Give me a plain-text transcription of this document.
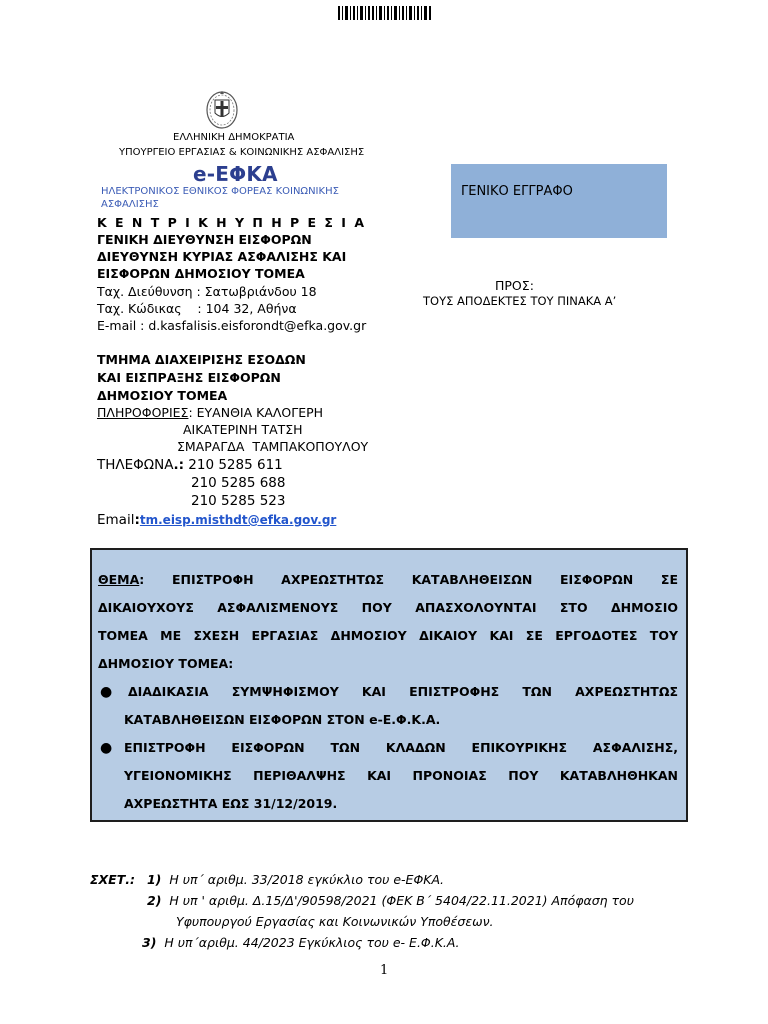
ΕΛΛΗΝΙΚΗ ΔΗΜΟΚΡΑΤΙΑ
ΥΠΟΥΡΓΕΙΟ ΕΡΓΑΣΙΑΣ & ΚΟΙΝΩΝΙΚΗΣ ΑΣΦΑΛΙΣΗΣ
e-ΕΦΚΑ
ΗΛΕΚΤΡΟΝΙΚΟΣ ΕΘΝΙΚΟΣ ΦΟΡΕΑΣ ΚΟΙΝΩΝΙΚΗΣ ΑΣΦΑΛΙΣΗΣ
ΓΕΝΙΚΟ ΕΓΓΡΑΦΟ
Κ Ε Ν Τ Ρ Ι Κ Η Υ Π Η Ρ Ε Σ Ι Α
ΓΕΝΙΚΗ ΔΙΕΥΘΥΝΣΗ ΕΙΣΦΟΡΩΝ
ΔΙΕΥΘΥΝΣΗ ΚΥΡΙΑΣ ΑΣΦΑΛΙΣΗΣ ΚΑΙ
ΕΙΣΦΟΡΩΝ ΔΗΜΟΣΙΟΥ ΤΟΜΕΑ
Ταχ. Διεύθυνση : Σατωβριάνδου 18
Ταχ. Κώδικας    : 104 32, Αθήνα
E-mail : d.kasfalisis.eisforondt@efka.gov.gr
ΠΡΟΣ:
ΤΟΥΣ ΑΠΟΔΕΚΤΕΣ ΤΟΥ ΠΙΝΑΚΑ Α’
ΤΜΗΜΑ ΔΙΑΧΕΙΡΙΣΗΣ ΕΣΟΔΩΝ
ΚΑΙ ΕΙΣΠΡΑΞΗΣ ΕΙΣΦΟΡΩΝ
ΔΗΜΟΣΙΟΥ ΤΟΜΕΑ
ΠΛΗΡΟΦΟΡΙΕΣ: ΕΥΑΝΘΙΑ ΚΑΛΟΓΕΡΗ
ΑΙΚΑΤΕΡΙΝΗ ΤΑΤΣΗ
ΣΜΑΡΑΓΔΑ  ΤΑΜΠΑΚΟΠΟΥΛΟΥ
ΤΗΛΕΦΩΝΑ.: 210 5285 611
210 5285 688
210 5285 523
Email:tm.eisp.misthdt@efka.gov.gr
ΘΕΜΑ: ΕΠΙΣΤΡΟΦΗ ΑΧΡΕΩΣΤΗΤΩΣ ΚΑΤΑΒΛΗΘΕΙΣΩΝ ΕΙΣΦΟΡΩΝ ΣΕ
ΔΙΚΑΙΟΥΧΟΥΣ ΑΣΦΑΛΙΣΜΕΝΟΥΣ ΠΟΥ ΑΠΑΣΧΟΛΟΥΝΤΑΙ ΣΤΟ ΔΗΜΟΣΙΟ
ΤΟΜΕΑ ΜΕ ΣΧΕΣΗ ΕΡΓΑΣΙΑΣ ΔΗΜΟΣΙΟΥ ΔΙΚΑΙΟΥ ΚΑΙ ΣΕ ΕΡΓΟΔΟΤΕΣ ΤΟΥ
ΔΗΜΟΣΙΟΥ ΤΟΜΕΑ:
● ΔΙΑΔΙΚΑΣΙΑ ΣΥΜΨΗΦΙΣΜΟΥ ΚΑΙ ΕΠΙΣΤΡΟΦΗΣ ΤΩΝ ΑΧΡΕΩΣΤΗΤΩΣ
ΚΑΤΑΒΛΗΘΕΙΣΩΝ ΕΙΣΦΟΡΩΝ ΣΤΟΝ e-Ε.Φ.Κ.Α.
● ΕΠΙΣΤΡΟΦΗ ΕΙΣΦΟΡΩΝ ΤΩΝ ΚΛΑΔΩΝ ΕΠΙΚΟΥΡΙΚΗΣ ΑΣΦΑΛΙΣΗΣ,
ΥΓΕΙΟΝΟΜΙΚΗΣ ΠΕΡΙΘΑΛΨΗΣ ΚΑΙ ΠΡΟΝΟΙΑΣ ΠΟΥ ΚΑΤΑΒΛΗΘΗΚΑΝ
ΑΧΡΕΩΣΤΗΤΑ ΕΩΣ 31/12/2019.
ΣΧΕΤ.: 1) Η υπ΄ αριθμ. 33/2018 εγκύκλιο του e-ΕΦΚΑ.
2) Η υπ ' αριθμ. Δ.15/Δ'/90598/2021 (ΦΕΚ Β΄ 5404/22.11.2021) Απόφαση του
Υφυπουργού Εργασίας και Κοινωνικών Υποθέσεων.
3) Η υπ΄αριθμ. 44/2023 Εγκύκλιος του e- Ε.Φ.Κ.Α.
1
